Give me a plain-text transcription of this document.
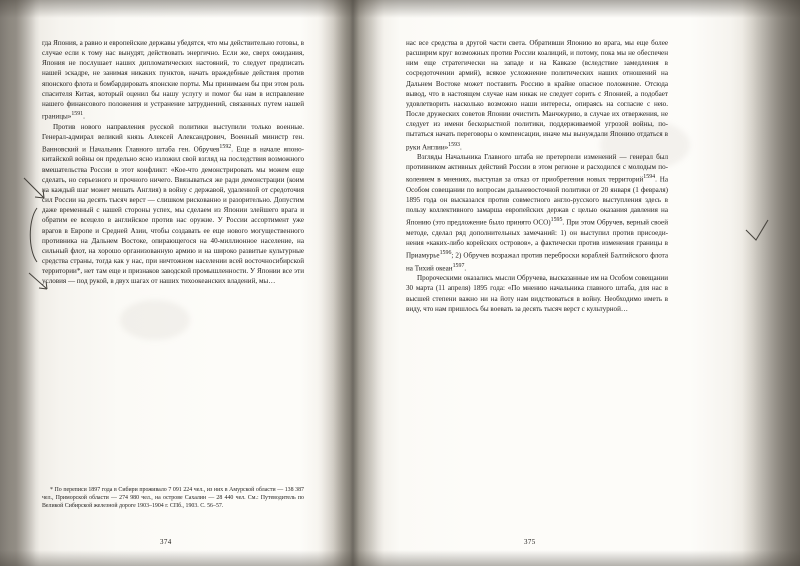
гда Япония, а равно и европейские державы убедятся, что мы действительно готовы, в случае если к тому нас вынудят, действовать энергично. Если же, сверх ожидания, Япония не послушает наших дипломатических настояний, то следует предписать нашей эскадре, не занимая никаких пунктов, начать враждебные действия против японского флота и бомбардировать японские порты. Мы принимаем бы при этом роль спасителя Китая, который оценил бы нашу услугу и помог бы нам в исправление нашего финансового положения и устранение затруднений, связанных путем нашей границы»$^{1591}$.

Против нового направления русской политики выступили только военные. Генерал-адмирал великий князь Алексей Александрович, Военный министр ген. Ванновский и Начальник Главного штаба ген. Обручев$^{1592}$. Еще в начале японо-китайской войны он предельно ясно изложил свой взгляд на последствия возможного вмешательства России в этот конфликт: «Кое-что демонстрировать мы можем еще сделать, но серьезного и прочного ничего. Ввязываться же ради демонстрации (коим на каждый шаг может мешать Англия) в войну с державой, удаленной от средоточия сил России на десять тысяч верст — слишком рискованно и разорительно. Допустим даже временный с нашей стороны успех, мы сделаем из Японии злейшего врага и обратим ее всецело в английское против нас оружие. У России ассортимент уже врагов в Европе и Средней Азии, чтобы создавать ее еще нового могущественного противника на Дальнем Востоке, опирающегося на 40-миллионное население, на сильный флот, на хорошо организованную армию и на широко развитые культурные средства страны, тогда как у нас, при ничтожном населении всей восточносибирской территории*, нет там еще и признаков заводской промышленности. У Японии все эти условия — под рукой, в двух шагах от наших тихоокеанских владений, мы…

* По переписи 1897 года в Сибири проживало 7 091 224 чел., из них в Амурской области — 138 387 чел., Приморской области — 274 980 чел., на острове Сахалин — 28 440 чел. См.: Путеводитель по Великой Сибирской железной дороге 1903–1904 г. СПб., 1903. С. 56–57.

374

нас все средства в другой части света. Обративши Японию во врага, мы еще более расширим круг возможных против России коалиций, и потому, пока мы не обеспечен ним еще стратегически на западе и на Кавказе (вследствие замедления в сосредоточении армий), всякое усложнение политических наших отношений на Дальнем Востоке может поставить Россию в крайне опасное положение. Отсюда вывод, что в настоящем случае нам никак не следует сорить с Японией, а подобает удовлетворить насколько возможно наши интересы, опираясь на согласие с нею. После дружеских советов Японии очистить Манчжурию, в случае их отвержения, не следует из имени бескорыстной политики, поддерживаемой угрозой войны, попытаться начать переговоры о компенсации, иначе мы вынуждали Японию отдаться в руки Англии»$^{1593}$.

Взгляды Начальника Главного штаба не претерпели изменений — генерал был противником активных действий России в этом регионе и расходился с молодым поколением в мнениях, выступая за отказ от приобретения новых территорий$^{1594}$. На Особом совещании по вопросам дальневосточной политики от 20 января (1 февраля) 1895 года он высказался против совместного англо-русского выступления здесь в пользу коллективного замарша европейских держав с целью оказания давления на Японию (это предложение было принято ОСО)$^{1595}$. При этом Обручев, верный своей методе, сделал ряд дополнительных замечаний: 1) он выступил против присоединения «каких-либо корейских островов», а фактически против изменения границы в Приамурье$^{1596}$; 2) Обручев возражал против переброски кораблей Балтийского флота на Тихий океан$^{1597}$.

Пророческими оказались мысли Обручева, высказанные им на Особом совещании 30 марта (11 апреля) 1895 года: «По мнению начальника главного штаба, для нас в высшей степени важно ни на йоту нам видствоваться в войну. Необходимо иметь в виду, что нам пришлось бы воевать за десять тысяч верст с культурной…

375
